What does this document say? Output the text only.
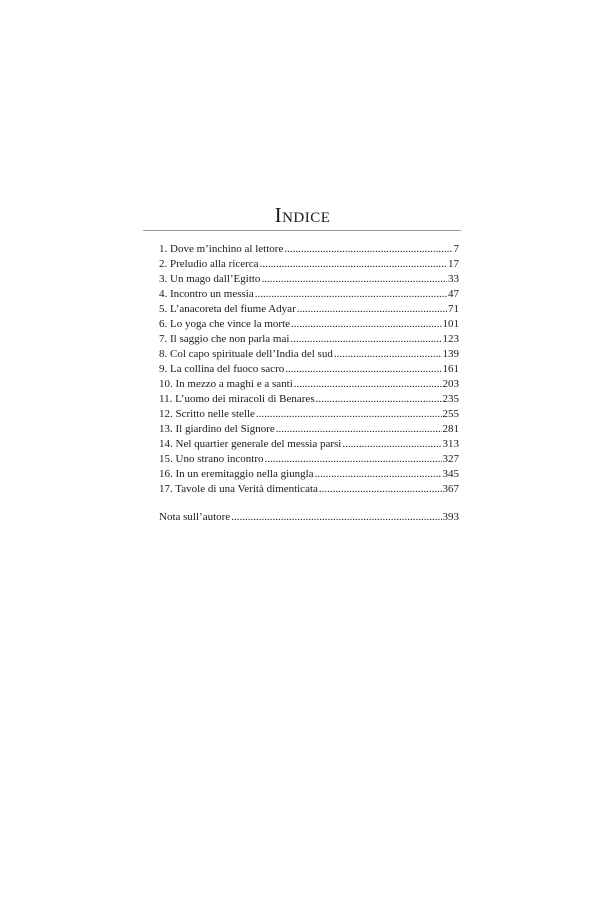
Indice
1. Dove m’inchino al lettore .....	7
2. Preludio alla ricerca .....	17
3. Un mago dall’Egitto .....	33
4. Incontro un messia .....	47
5. L’anacoreta del fiume Adyar .....	71
6. Lo yoga che vince la morte .....	101
7. Il saggio che non parla mai .....	123
8. Col capo spirituale dell’India del sud .....	139
9. La collina del fuoco sacro .....	161
10. In mezzo a maghi e a santi .....	203
11. L’uomo dei miracoli di Benares .....	235
12. Scritto nelle stelle .....	255
13. Il giardino del Signore .....	281
14. Nel quartier generale del messia parsi .....	313
15. Uno strano incontro .....	327
16. In un eremitaggio nella giungla .....	345
17. Tavole di una Verità dimenticata .....	367
Nota sull’autore .....	393
